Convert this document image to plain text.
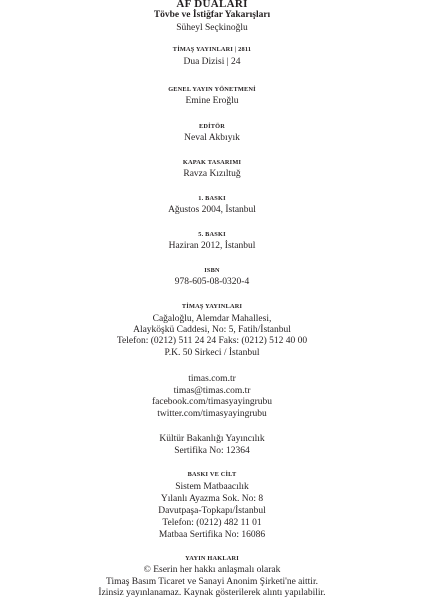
AF DUALARI
Tövbe ve İstiğfar Yakarışları
Süheyl Seçkinoğlu
TİMAŞ YAYINLARI | 2811
Dua Dizisi | 24
GENEL YAYIN YÖNETMENİ
Emine Eroğlu
EDİTÖR
Neval Akbıyık
KAPAK TASARIMI
Ravza Kızıltuğ
1. BASKI
Ağustos 2004, İstanbul
5. BASKI
Haziran 2012, İstanbul
ISBN
978-605-08-0320-4
TİMAŞ YAYINLARI
Cağaloğlu, Alemdar Mahallesi,
Alayköşkü Caddesi, No: 5, Fatih/İstanbul
Telefon: (0212) 511 24 24 Faks: (0212) 512 40 00
P.K. 50 Sirkeci / İstanbul
timas.com.tr
timas@timas.com.tr
facebook.com/timasyayingrubu
twitter.com/timasyayingrubu
Kültür Bakanlığı Yayıncılık
Sertifika No: 12364
BASKI VE CİLT
Sistem Matbaacılık
Yılanlı Ayazma Sok. No: 8
Davutpaşa-Topkapı/İstanbul
Telefon: (0212) 482 11 01
Matbaa Sertifika No: 16086
YAYIN HAKLARI
© Eserin her hakkı anlaşmalı olarak
Timaş Basım Ticaret ve Sanayi Anonim Şirketi'ne aittir.
İzinsiz yayınlanamaz. Kaynak gösterilerek alıntı yapılabilir.
